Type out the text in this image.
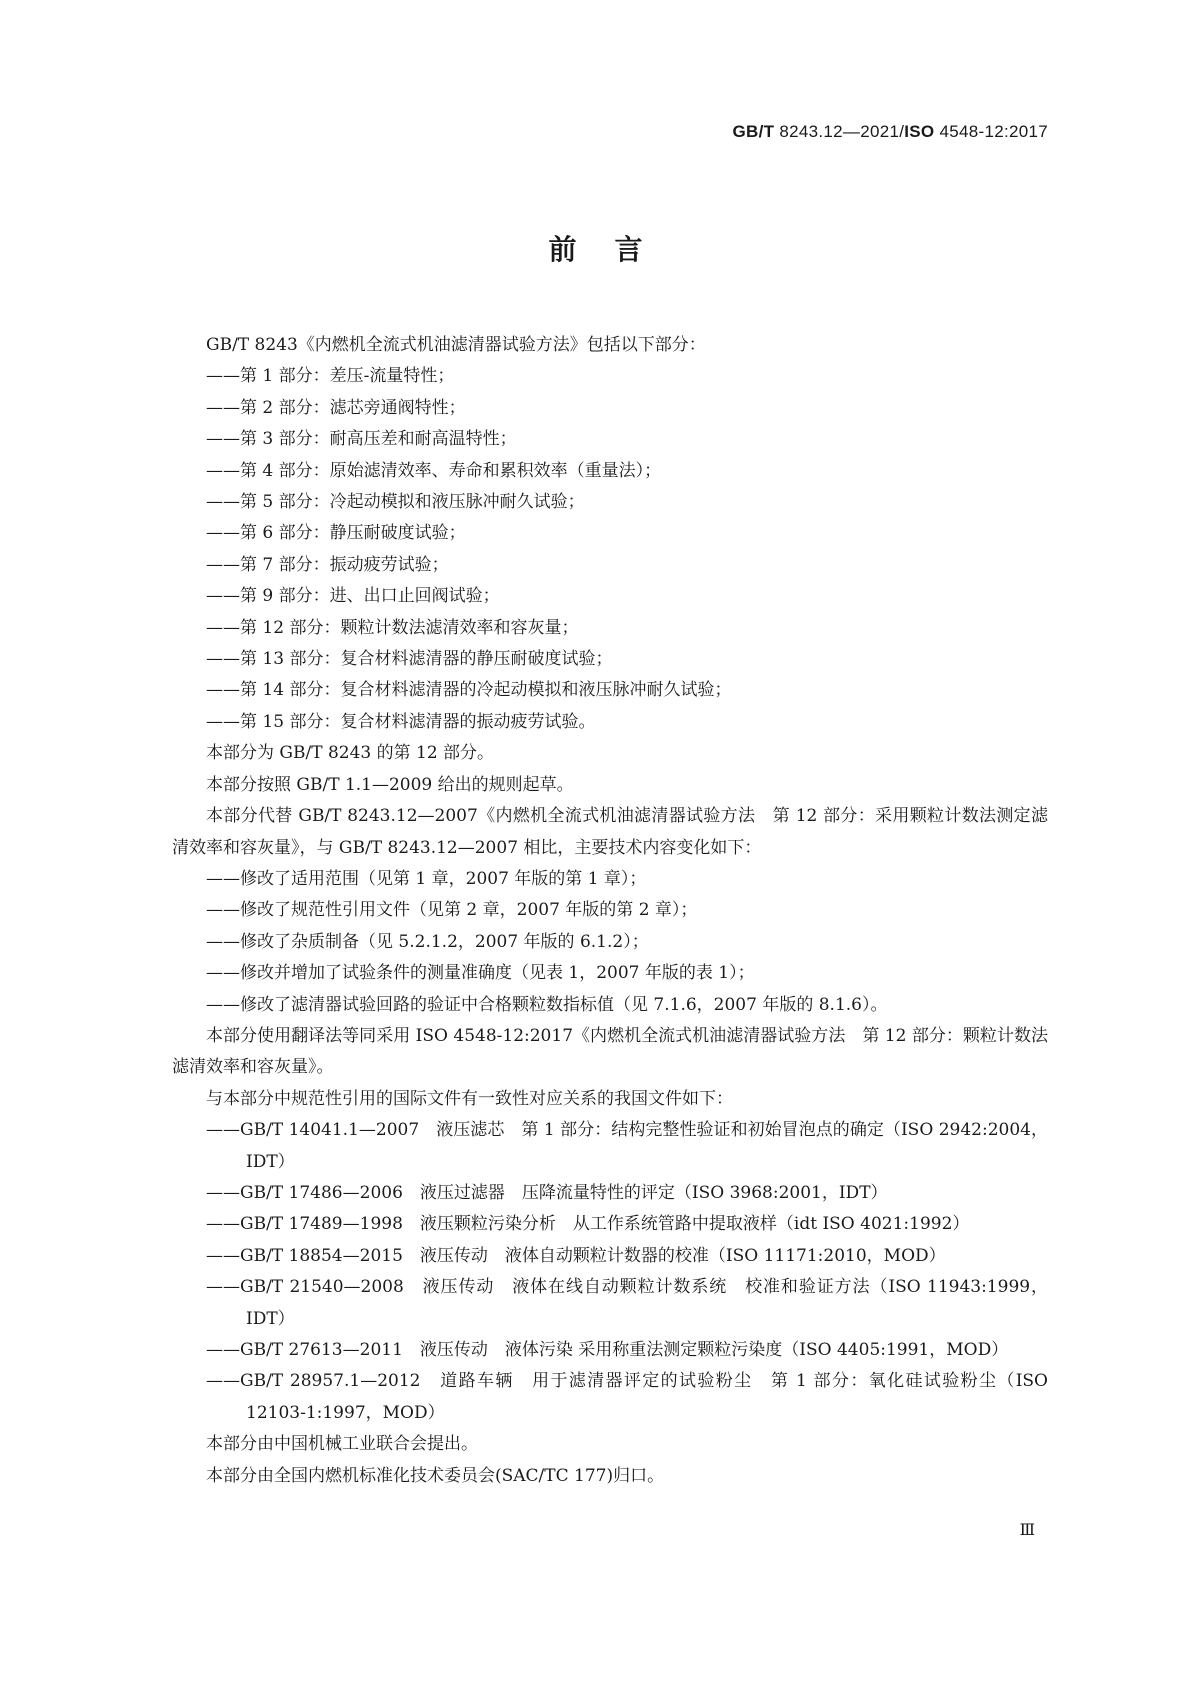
GB/T 8243.12—2021/ISO 4548-12:2017
前言

GB/T 8243《内燃机全流式机油滤清器试验方法》包括以下部分：

——第 1 部分：差压-流量特性；

——第 2 部分：滤芯旁通阀特性；

——第 3 部分：耐高压差和耐高温特性；

——第 4 部分：原始滤清效率、寿命和累积效率（重量法）；

——第 5 部分：冷起动模拟和液压脉冲耐久试验；

——第 6 部分：静压耐破度试验；

——第 7 部分：振动疲劳试验；

——第 9 部分：进、出口止回阀试验；

——第 12 部分：颗粒计数法滤清效率和容灰量；

——第 13 部分：复合材料滤清器的静压耐破度试验；

——第 14 部分：复合材料滤清器的冷起动模拟和液压脉冲耐久试验；

——第 15 部分：复合材料滤清器的振动疲劳试验。

本部分为 GB/T 8243 的第 12 部分。

本部分按照 GB/T 1.1—2009 给出的规则起草。

本部分代替 GB/T 8243.12—2007《内燃机全流式机油滤清器试验方法　第 12 部分：采用颗粒计数法测定滤清效率和容灰量》，与 GB/T 8243.12—2007 相比，主要技术内容变化如下：

——修改了适用范围（见第 1 章，2007 年版的第 1 章）；

——修改了规范性引用文件（见第 2 章，2007 年版的第 2 章）；

——修改了杂质制备（见 5.2.1.2，2007 年版的 6.1.2）；

——修改并增加了试验条件的测量准确度（见表 1，2007 年版的表 1）；

——修改了滤清器试验回路的验证中合格颗粒数指标值（见 7.1.6，2007 年版的 8.1.6）。

本部分使用翻译法等同采用 ISO 4548-12:2017《内燃机全流式机油滤清器试验方法　第 12 部分：颗粒计数法滤清效率和容灰量》。

与本部分中规范性引用的国际文件有一致性对应关系的我国文件如下：

——GB/T 14041.1—2007　液压滤芯　第 1 部分：结构完整性验证和初始冒泡点的确定（ISO 2942:2004，IDT）

——GB/T 17486—2006　液压过滤器　压降流量特性的评定（ISO 3968:2001，IDT）

——GB/T 17489—1998　液压颗粒污染分析　从工作系统管路中提取液样（idt ISO 4021:1992）

——GB/T 18854—2015　液压传动　液体自动颗粒计数器的校准（ISO 11171:2010，MOD）

——GB/T 21540—2008　液压传动　液体在线自动颗粒计数系统　校准和验证方法（ISO 11943:1999，IDT）

——GB/T 27613—2011　液压传动　液体污染 采用称重法测定颗粒污染度（ISO 4405:1991，MOD）

——GB/T 28957.1—2012　道路车辆　用于滤清器评定的试验粉尘　第 1 部分：氧化硅试验粉尘（ISO 12103-1:1997，MOD）

本部分由中国机械工业联合会提出。

本部分由全国内燃机标准化技术委员会(SAC/TC 177)归口。

Ⅲ
